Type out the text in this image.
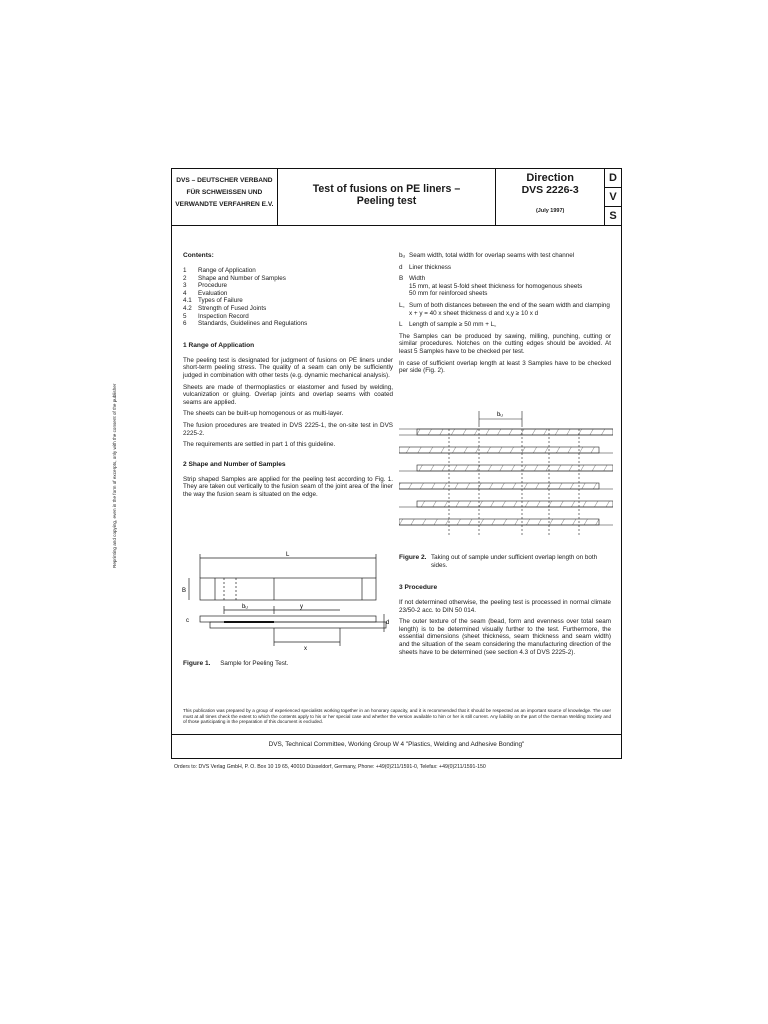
DVS – DEUTSCHER VERBAND
FÜR SCHWEISSEN UND
VERWANDTE VERFAHREN E.V.
Test of fusions on PE liners –
Peeling test
Direction
DVS 2226-3
(July 1997)
D
V
S
Reprinting and copying, even in the form of excerpts, only with the consent of the publisher
Contents:
1	Range of Application
2	Shape and Number of Samples
3	Procedure
4	Evaluation
4.1 Types of Failure
4.2 Strength of Fused Joints
5	Inspection Record
6	Standards, Guidelines and Regulations
1 Range of Application

The peeling test is designated for judgment of fusions on PE liners under short-term peeling stress. The quality of a seam can only be sufficiently judged in combination with other tests (e.g. dynamic mechanical analysis).

Sheets are made of thermoplastics or elastomer and fused by welding, vulcanization or gluing. Overlap joints and overlap seams with coated seams are applied.

The sheets can be built-up homogenous or as multi-layer.

The fusion procedures are treated in DVS 2225-1, the on-site test in DVS 2225-2.

The requirements are settled in part 1 of this guideline.

2 Shape and Number of Samples
Strip shaped Samples are applied for the peeling test according to Fig. 1. They are taken out vertically to the fusion seam of the joint area of the liner the way the fusion seam is situated on the edge.
L
B
bᵤ	y
x
d
c
Figure 1. Sample for Peeling Test.
bᵤ Seam width, total width for overlap seams with test channel
d	Liner thickness
B Width
15 mm, at least 5-fold sheet thickness for homogenous sheets
50 mm for reinforced sheets
L꜀ Sum of both distances between the end of the seam width and clamping
x + y = 40 x sheet thickness d and x,y ≥ 10 x d
L	Length of sample ≥ 50 mm + L꜀

The Samples can be produced by sawing, milling, punching, cutting or similar procedures. Notches on the cutting edges should be avoided. At least 5 Samples have to be checked per test.

In case of sufficient overlap length at least 3 Samples have to be checked per side (Fig. 2).

bᵤ
Figure 2. Taking out of sample under sufficient overlap length on both sides.
3 Procedure

If not determined otherwise, the peeling test is processed in normal climate 23/50-2 acc. to DIN 50 014.

The outer texture of the seam (bead, form and evenness over total seam length) is to be determined visually further to the test. Furthermore, the essential dimensions (sheet thickness, seam thickness and seam width) and the situation of the seam considering the manufacturing direction of the sheets have to be determined (see section 4.3 of DVS 2225-2).

This publication was prepared by a group of experienced specialists working together in an honorary capacity, and it is recommended that it should be respected as an important source of knowledge. The user must at all times check the extent to which the contents apply to his or her special case and whether the version available to him or her is still current. Any liability on the part of the German Welding Society and of those participating in the preparation of this document is excluded.
DVS, Technical Committee, Working Group W 4 "Plastics, Welding and Adhesive Bonding"
Orders to: DVS Verlag GmbH, P. O. Box 10 19 65, 40010 Düsseldorf, Germany, Phone: +49(0)211/1591-0, Telefax: +49(0)211/1591-150
